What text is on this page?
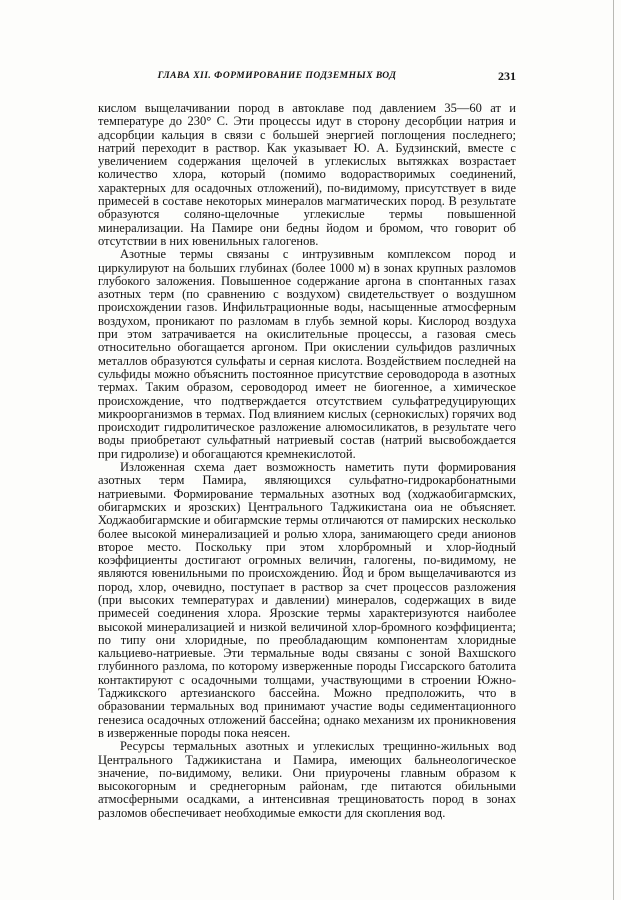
ГЛАВА XII. ФОРМИРОВАНИЕ ПОДЗЕМНЫХ ВОД	231

кислом выщелачивании пород в автоклаве под давлением 35—60 ат и температуре до 230° С. Эти процессы идут в сторону десорбции натрия и адсорбции кальция в связи с большей энергией поглощения последнего; натрий переходит в раствор. Как указывает Ю. А. Будзинский, вместе с увеличением содержания щелочей в углекислых вытяжках возрастает количество хлора, который (помимо водорастворимых соединений, характерных для осадочных отложений), по-видимому, присутствует в виде примесей в составе некоторых минералов магматических пород. В результате образуются соляно-щелочные углекислые термы повышенной минерализации. На Памире они бедны йодом и бромом, что говорит об отсутствии в них ювенильных галогенов.

Азотные термы связаны с интрузивным комплексом пород и циркулируют на больших глубинах (более 1000 м) в зонах крупных разломов глубокого заложения. Повышенное содержание аргона в спонтанных газах азотных терм (по сравнению с воздухом) свидетельствует о воздушном происхождении газов. Инфильтрационные воды, насыщенные атмосферным воздухом, проникают по разломам в глубь земной коры. Кислород воздуха при этом затрачивается на окислительные процессы, а газовая смесь относительно обогащается аргоном. При окислении сульфидов различных металлов образуются сульфаты и серная кислота. Воздействием последней на сульфиды можно объяснить постоянное присутствие сероводорода в азотных термах. Таким образом, сероводород имеет не биогенное, а химическое происхождение, что подтверждается отсутствием сульфатредуцирующих микроорганизмов в термах. Под влиянием кислых (сернокислых) горячих вод происходит гидролитическое разложение алюмосиликатов, в результате чего воды приобретают сульфатный натриевый состав (натрий высвобождается при гидролизе) и обогащаются кремнекислотой.

Изложенная схема дает возможность наметить пути формирования азотных терм Памира, являющихся сульфатно-гидрокарбонатными натриевыми. Формирование термальных азотных вод (ходжаобигармских, обигармских и ярозских) Центрального Таджикистана оиа не объясняет. Ходжаобигармские и обигармские термы отличаются от памирских несколько более высокой минерализацией и ролью хлора, занимающего среди анионов второе место. Поскольку при этом хлорбромный и хлор-йодный коэффициенты достигают огромных величин, галогены, по-видимому, не являются ювенильными по происхождению. Йод и бром выщелачиваются из пород, хлор, очевидно, поступает в раствор за счет процессов разложения (при высоких температурах и давлении) минералов, содержащих в виде примесей соединения хлора. Ярозские термы характеризуются наиболее высокой минерализацией и низкой величиной хлор-бромного коэффициента; по типу они хлоридные, по преобладающим компонентам хлоридные кальциево-натриевые. Эти термальные воды связаны с зоной Вахшского глубинного разлома, по которому изверженные породы Гиссарского батолита контактируют с осадочными толщами, участвующими в строении Южно-Таджикского артезианского бассейна. Можно предположить, что в образовании термальных вод принимают участие воды седиментационного генезиса осадочных отложений бассейна; однако механизм их проникновения в изверженные породы пока неясен.

Ресурсы термальных азотных и углекислых трещинно-жильных вод Центрального Таджикистана и Памира, имеющих бальнеологическое значение, по-видимому, велики. Они приурочены главным образом к высокогорным и среднегорным районам, где питаются обильными атмосферными осадками, а интенсивная трещиноватость пород в зонах разломов обеспечивает необходимые емкости для скопления вод.
